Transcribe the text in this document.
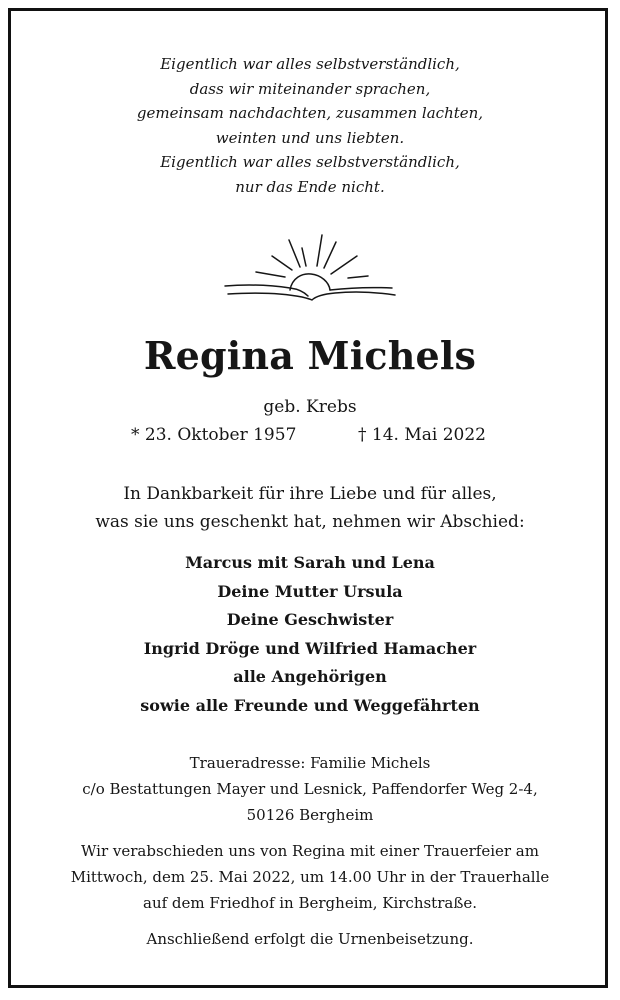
Eigentlich war alles selbstverständlich,
dass wir miteinander sprachen,
gemeinsam nachdachten, zusammen lachten,
weinten und uns liebten.
Eigentlich war alles selbstverständlich,
nur das Ende nicht.
Regina Michels
geb. Krebs
* 23. Oktober 1957	† 14. Mai 2022
In Dankbarkeit für ihre Liebe und für alles,
was sie uns geschenkt hat, nehmen wir Abschied:
Marcus mit Sarah und Lena
Deine Mutter Ursula
Deine Geschwister
Ingrid Dröge und Wilfried Hamacher
alle Angehörigen
sowie alle Freunde und Weggefährten
Traueradresse: Familie Michels
c/o Bestattungen Mayer und Lesnick, Paffendorfer Weg 2-4,
50126 Bergheim
Wir verabschieden uns von Regina mit einer Trauerfeier am
Mittwoch, dem 25. Mai 2022, um 14.00 Uhr in der Trauerhalle
auf dem Friedhof in Bergheim, Kirchstraße.
Anschließend erfolgt die Urnenbeisetzung.
